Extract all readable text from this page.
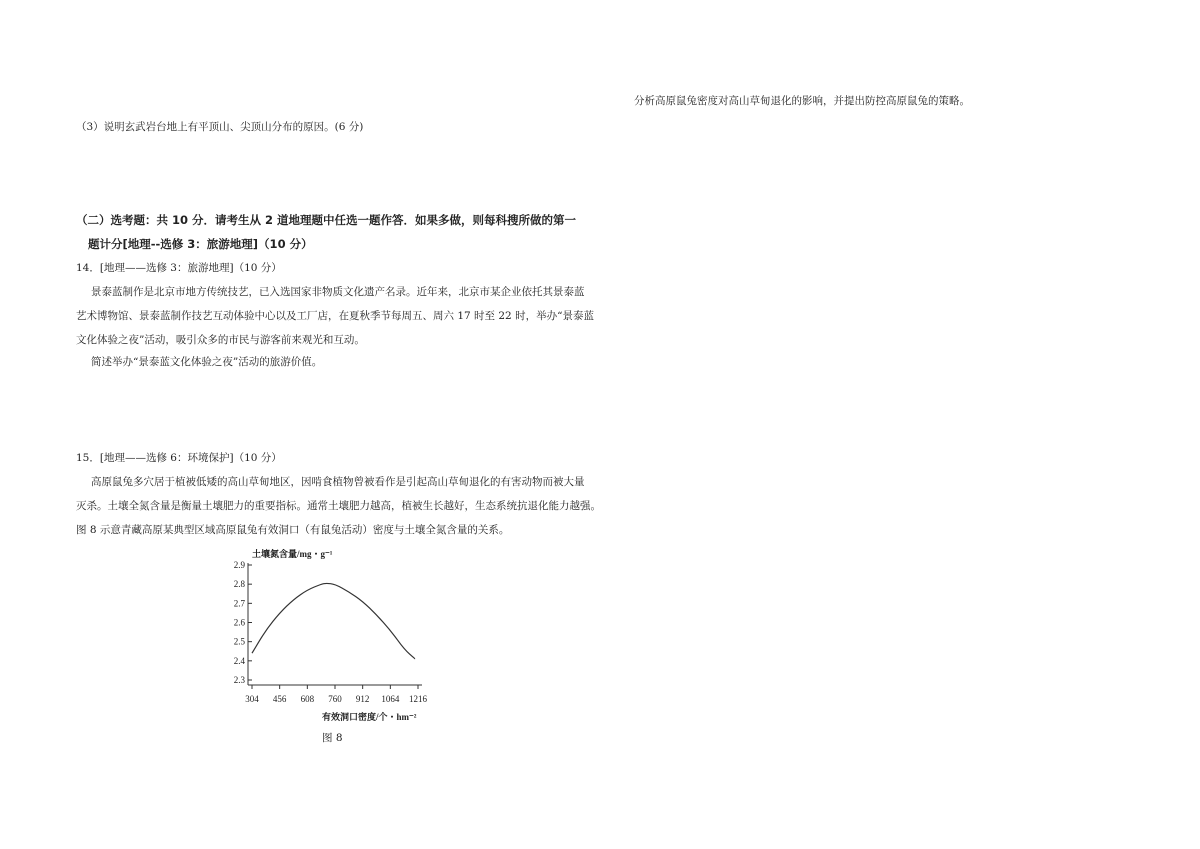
分析高原鼠兔密度对高山草甸退化的影响，并提出防控高原鼠兔的策略。
（3）说明玄武岩台地上有平顶山、尖顶山分布的原因。(6 分)
（二）选考题：共 10 分．请考生从 2 道地理题中任选一题作答．如果多做，则每科搜所做的第一
题计分[地理--选修 3：旅游地理]（10 分）
14．[地理——选修 3：旅游地理]（10 分）
景泰蓝制作是北京市地方传统技艺，已入选国家非物质文化遗产名录。近年来，北京市某企业依托其景泰蓝
艺术博物馆、景泰蓝制作技艺互动体验中心以及工厂店，在夏秋季节每周五、周六 17 时至 22 时，举办“景泰蓝
文化体验之夜”活动，吸引众多的市民与游客前来观光和互动。
简述举办“景泰蓝文化体验之夜”活动的旅游价值。
15．[地理——选修 6：环境保护]（10 分）
高原鼠兔多穴居于植被低矮的高山草甸地区，因啃食植物曾被看作是引起高山草甸退化的有害动物而被大量
灭杀。土壤全氮含量是衡量土壤肥力的重要指标。通常土壤肥力越高，植被生长越好，生态系统抗退化能力越强。
图 8 示意青藏高原某典型区域高原鼠兔有效洞口（有鼠兔活动）密度与土壤全氮含量的关系。
土壤氮含量/mg・g⁻¹
有效洞口密度/个・hm⁻²
2.3
2.4
2.5
2.6
2.7
2.8
2.9
304 456 608 760 912 1064 1216
图 8
